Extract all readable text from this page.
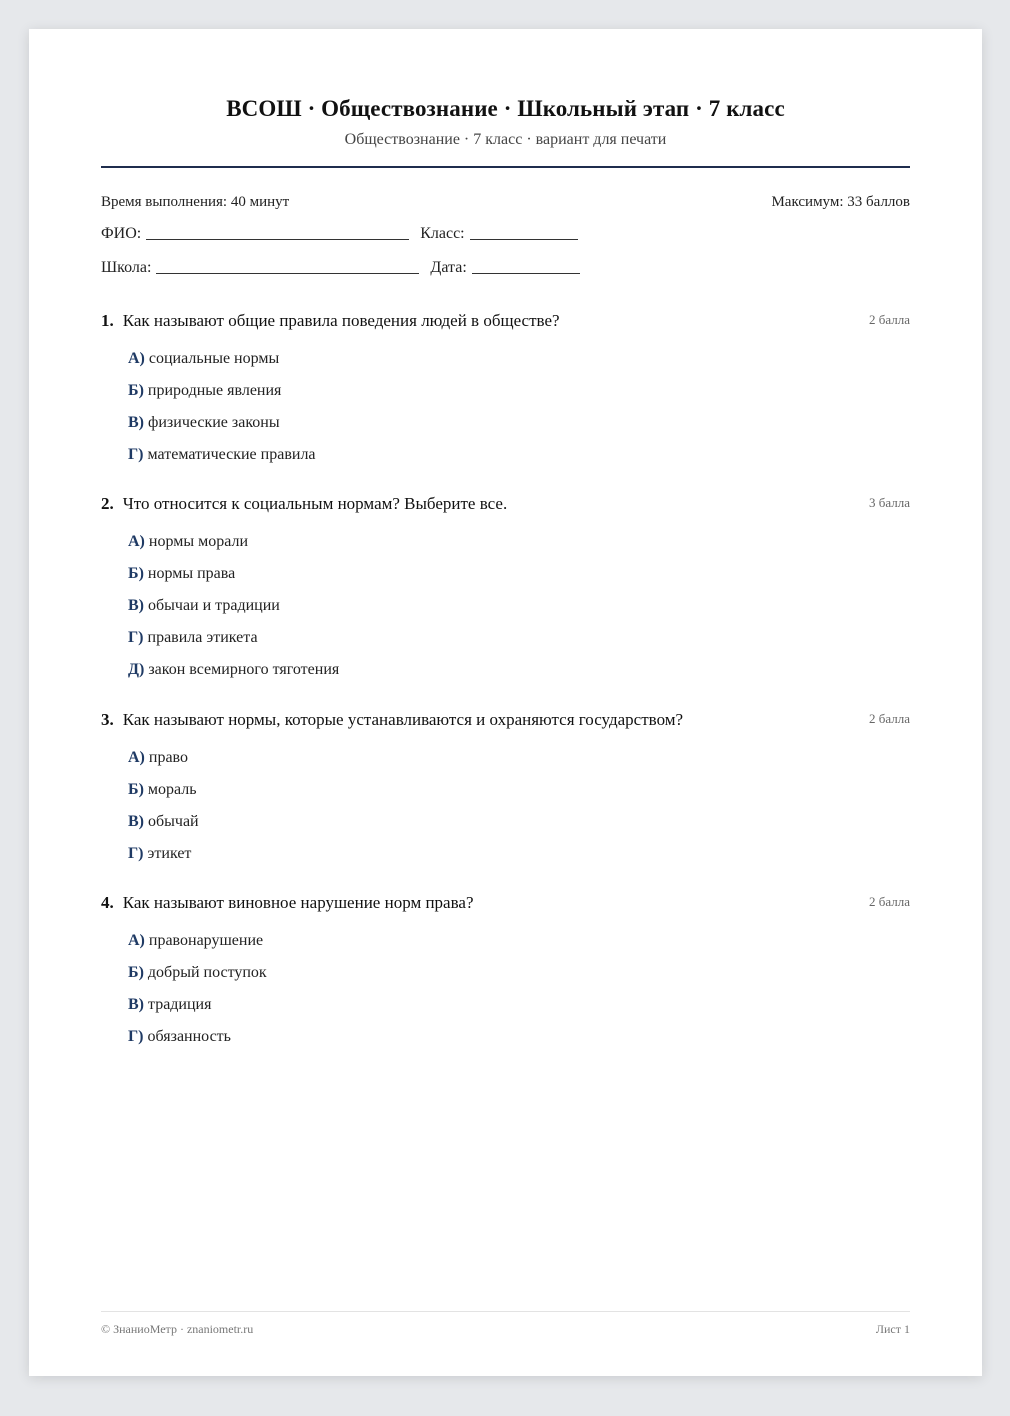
ВСОШ · Обществознание · Школьный этап · 7 класс
Обществознание · 7 класс · вариант для печати
Время выполнения: 40 минут	Максимум: 33 баллов
ФИО:	Класс:
Школа:	Дата:
1. Как называют общие правила поведения людей в обществе?	2 балла
А) социальные нормы
Б) природные явления
В) физические законы
Г) математические правила
2. Что относится к социальным нормам? Выберите все.	3 балла
А) нормы морали
Б) нормы права
В) обычаи и традиции
Г) правила этикета
Д) закон всемирного тяготения
3. Как называют нормы, которые устанавливаются и охраняются государством?	2 балла
А) право
Б) мораль
В) обычай
Г) этикет
4. Как называют виновное нарушение норм права?	2 балла
А) правонарушение
Б) добрый поступок
В) традиция
Г) обязанность
© ЗнаниоМетр · znaniometr.ru	Лист 1
